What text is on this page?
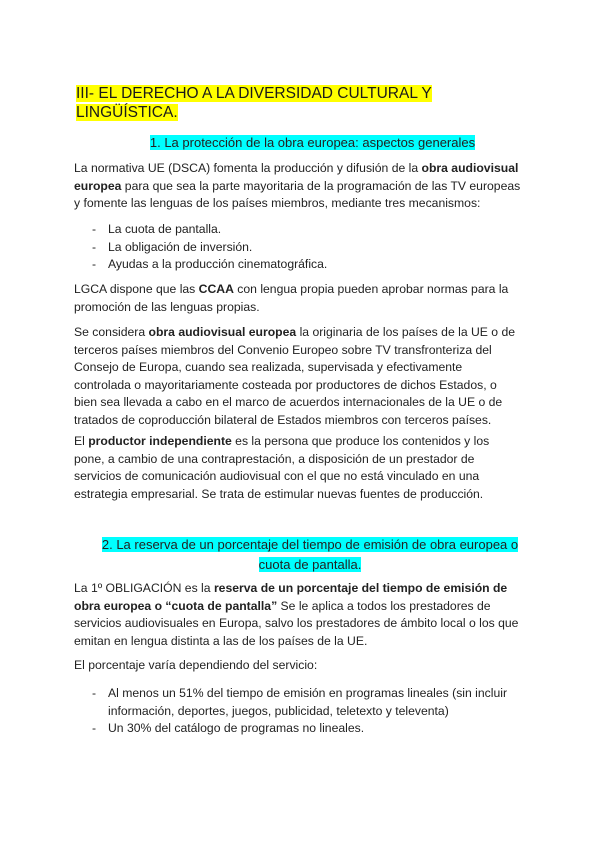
III- EL DERECHO A LA DIVERSIDAD CULTURAL Y LINGÜÍSTICA.
1. La protección de la obra europea: aspectos generales
La normativa UE (DSCA) fomenta la producción y difusión de la obra audiovisual europea para que sea la parte mayoritaria de la programación de las TV europeas y fomente las lenguas de los países miembros, mediante tres mecanismos:
- La cuota de pantalla.
- La obligación de inversión.
- Ayudas a la producción cinematográfica.
LGCA dispone que las CCAA con lengua propia pueden aprobar normas para la promoción de las lenguas propias.
Se considera obra audiovisual europea la originaria de los países de la UE o de terceros países miembros del Convenio Europeo sobre TV transfronteriza del Consejo de Europa, cuando sea realizada, supervisada y efectivamente controlada o mayoritariamente costeada por productores de dichos Estados, o bien sea llevada a cabo en el marco de acuerdos internacionales de la UE o de tratados de coproducción bilateral de Estados miembros con terceros países.
El productor independiente es la persona que produce los contenidos y los pone, a cambio de una contraprestación, a disposición de un prestador de servicios de comunicación audiovisual con el que no está vinculado en una estrategia empresarial. Se trata de estimular nuevas fuentes de producción.
2. La reserva de un porcentaje del tiempo de emisión de obra europea o
cuota de pantalla.
La 1º OBLIGACIÓN es la reserva de un porcentaje del tiempo de emisión de obra europea o “cuota de pantalla” Se le aplica a todos los prestadores de servicios audiovisuales en Europa, salvo los prestadores de ámbito local o los que emitan en lengua distinta a las de los países de la UE.
El porcentaje varía dependiendo del servicio:
- Al menos un 51% del tiempo de emisión en programas lineales (sin incluir información, deportes, juegos, publicidad, teletexto y televenta)
- Un 30% del catálogo de programas no lineales.
